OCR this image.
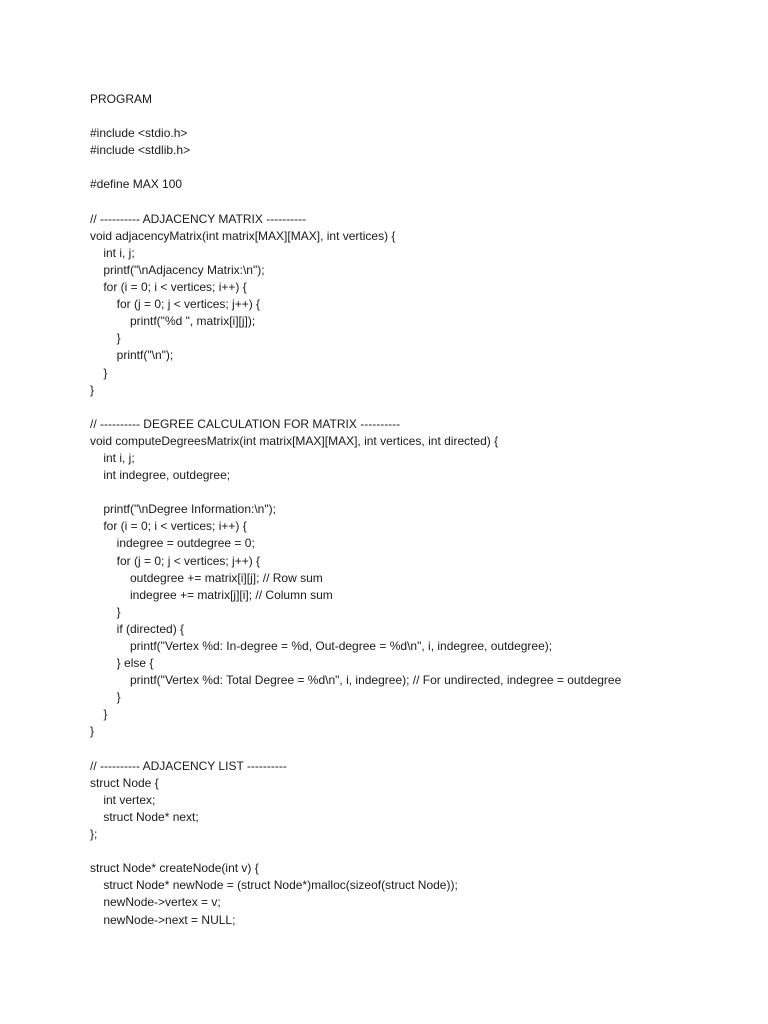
PROGRAM
#include <stdio.h>
#include <stdlib.h>
#define MAX 100
// ---------- ADJACENCY MATRIX ----------
void adjacencyMatrix(int matrix[MAX][MAX], int vertices) {
int i, j;
printf("\nAdjacency Matrix:\n");
for (i = 0; i < vertices; i++) {
for (j = 0; j < vertices; j++) {
printf("%d ", matrix[i][j]);
}
printf("\n");
}
}
// ---------- DEGREE CALCULATION FOR MATRIX ----------
void computeDegreesMatrix(int matrix[MAX][MAX], int vertices, int directed) {
int i, j;
int indegree, outdegree;
printf("\nDegree Information:\n");
for (i = 0; i < vertices; i++) {
indegree = outdegree = 0;
for (j = 0; j < vertices; j++) {
outdegree += matrix[i][j]; // Row sum
indegree += matrix[j][i]; // Column sum
}
if (directed) {
printf("Vertex %d: In-degree = %d, Out-degree = %d\n", i, indegree, outdegree);
} else {
printf("Vertex %d: Total Degree = %d\n", i, indegree); // For undirected, indegree = outdegree
}
}
}
// ---------- ADJACENCY LIST ----------
struct Node {
int vertex;
struct Node* next;
};
struct Node* createNode(int v) {
struct Node* newNode = (struct Node*)malloc(sizeof(struct Node));
newNode->vertex = v;
newNode->next = NULL;
